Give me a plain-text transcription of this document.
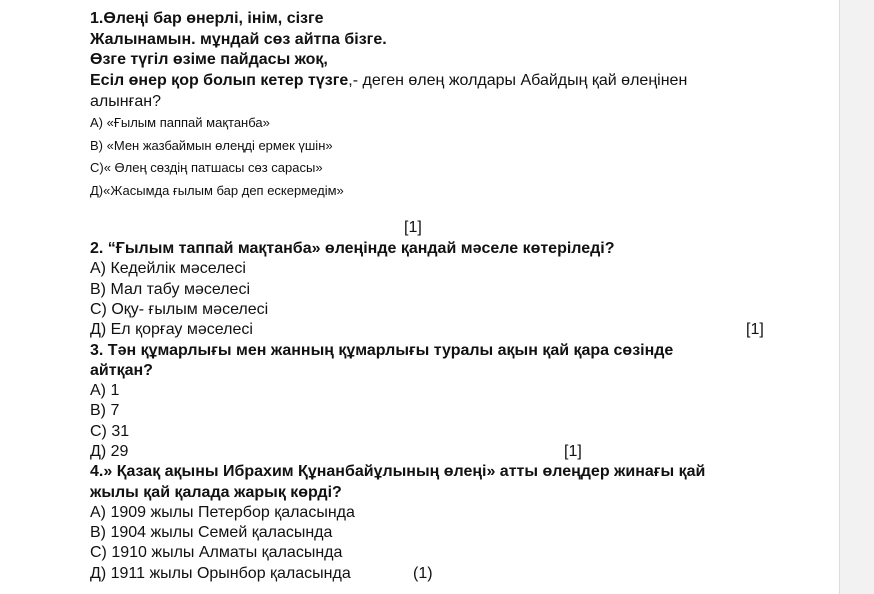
1.Өлеңі бар өнерлі, інім, сізге
Жалынамын. мұндай сөз айтпа бізге.
Өзге түгіл өзіме пайдасы жоқ,
Есіл өнер қор болып кетер түзге,- деген өлең жолдары Абайдың қай өлеңінен
алынған?
А) «Ғылым паппай мақтанба»
В) «Мен жазбаймын өлеңді ермек үшін»
С)« Өлең сөздің патшасы сөз сарасы»
Д)«Жасымда ғылым бар деп ескермедім»
[1]
2. “Ғылым таппай мақтанба» өлеңінде қандай мәселе көтеріледі?
А) Кедейлік мәселесі
В) Мал табу мәселесі
С) Оқу- ғылым мәселесі
Д) Ел қорғау мәселесі	[1]
3. Тән құмарлығы мен жанның құмарлығы туралы ақын қай қара сөзінде
айтқан?
А) 1
В) 7
С) 31
Д) 29	[1]
4.» Қазақ ақыны Ибрахим Құнанбайұлының өлеңі» атты өлеңдер жинағы қай
жылы қай қалада жарық көрді?
А) 1909 жылы Петербор қаласында
В) 1904 жылы Семей қаласында
С) 1910 жылы Алматы қаласында
Д) 1911 жылы Орынбор қаласында	(1)
